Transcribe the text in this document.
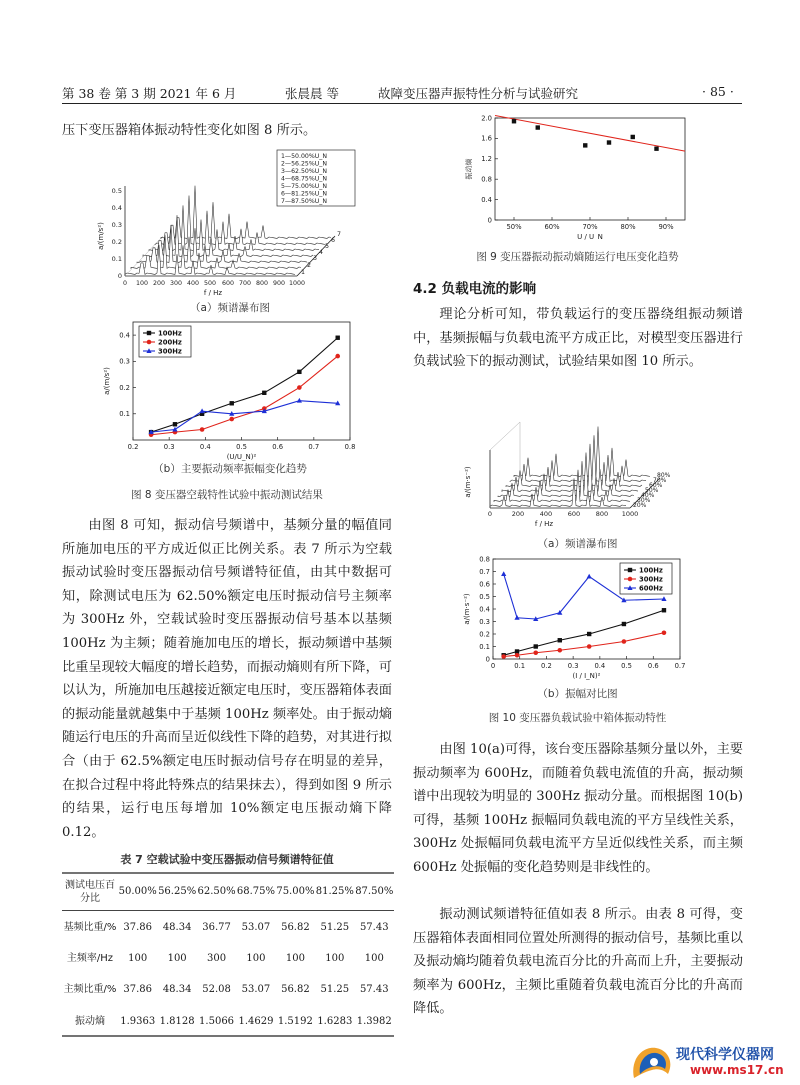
第 38 卷 第 3 期 2021 年 6 月	张晨晨 等	故障变压器声振特性分析与试验研究	· 85 ·
压下变压器箱体振动特性变化如图 8 所示。
1—50.00%U_N
2—56.25%U_N
3—62.50%U_N
4—68.75%U_N
5—75.00%U_N
6—81.25%U_N
7—87.50%U_N
0
0.1
0.2
0.3
0.4
0.5
a/(m/s²)
0 100 200 300 400 500 600 700 800 900 1000
f / Hz
1
2
3
4
5
6
7
（a）频谱瀑布图
0.2	0.3	0.4	0.5	0.6	0.7	0.8
0.1
0.2
0.3
0.4
(U/U_N)²
a/(m/s²)
100Hz
200Hz
300Hz
（b）主要振动频率振幅变化趋势
图 8 变压器空载特性试验中振动测试结果

由图 8 可知，振动信号频谱中，基频分量的幅值同所施加电压的平方成近似正比例关系。表 7 所示为空载振动试验时变压器振动信号频谱特征值，由其中数据可知，除测试电压为 62.50%额定电压时振动信号主频率为 300Hz 外，空载试验时变压器振动信号基本以基频 100Hz 为主频；随着施加电压的增长，振动频谱中基频比重呈现较大幅度的增长趋势，而振动熵则有所下降，可以认为，所施加电压越接近额定电压时，变压器箱体表面的振动能量就越集中于基频 100Hz 频率处。由于振动熵随运行电压的升高而呈近似线性下降的趋势，对其进行拟合（由于 62.5%额定电压时振动信号存在明显的差异，在拟合过程中将此特殊点的结果抹去），得到如图 9 所示的结果，运行电压每增加 10%额定电压振动熵下降 0.12。

表 7 空载试验中变压器振动信号频谱特征值
测试电压百分比	50.00%	56.25%	62.50%	68.75%	75.00%	81.25%	87.50%
基频比重/%	37.86	48.34	36.77	53.07	56.82	51.25	57.43
主频率/Hz	100	100	300	100	100	100	100
主频比重/%	37.86	48.34	52.08	53.07	56.82	51.25	57.43
振动熵	1.9363	1.8128	1.5066	1.4629	1.5192	1.6283	1.3982
50%	60%	70%	80%	90%
0
0.4
0.8
1.2
1.6
2.0
U / U_N
振动熵
图 9 变压器振动振动熵随运行电压变化趋势
4.2 负载电流的影响

理论分析可知，带负载运行的变压器绕组振动频谱中，基频振幅与负载电流平方成正比，对模型变压器进行负载试验下的振动测试，试验结果如图 10 所示。

a/(m·s⁻²)
0	200 400 600 800 1000
f / Hz
20%
30%
40%
50%
60%
70%
80%
（a）频谱瀑布图
0	0.1 0.2 0.3 0.4 0.5 0.6 0.7
0
0.1
0.2
0.3
0.4
0.5
0.6
0.7
0.8
(I / I_N)²
a/(m·s⁻²)
100Hz
300Hz
600Hz
（b）振幅对比图
图 10 变压器负载试验中箱体振动特性

由图 10(a)可得，该台变压器除基频分量以外，主要振动频率为 600Hz，而随着负载电流值的升高，振动频谱中出现较为明显的 300Hz 振动分量。而根据图 10(b)可得，基频 100Hz 振幅同负载电流的平方呈线性关系，300Hz 处振幅同负载电流平方呈近似线性关系，而主频 600Hz 处振幅的变化趋势则是非线性的。

振动测试频谱特征值如表 8 所示。由表 8 可得，变压器箱体表面相同位置处所测得的振动信号，基频比重以及振动熵均随着负载电流百分比的升高而上升，主要振动频率为 600Hz，主频比重随着负载电流百分比的升高而降低。

现代科学仪器网
www.ms17.cn
